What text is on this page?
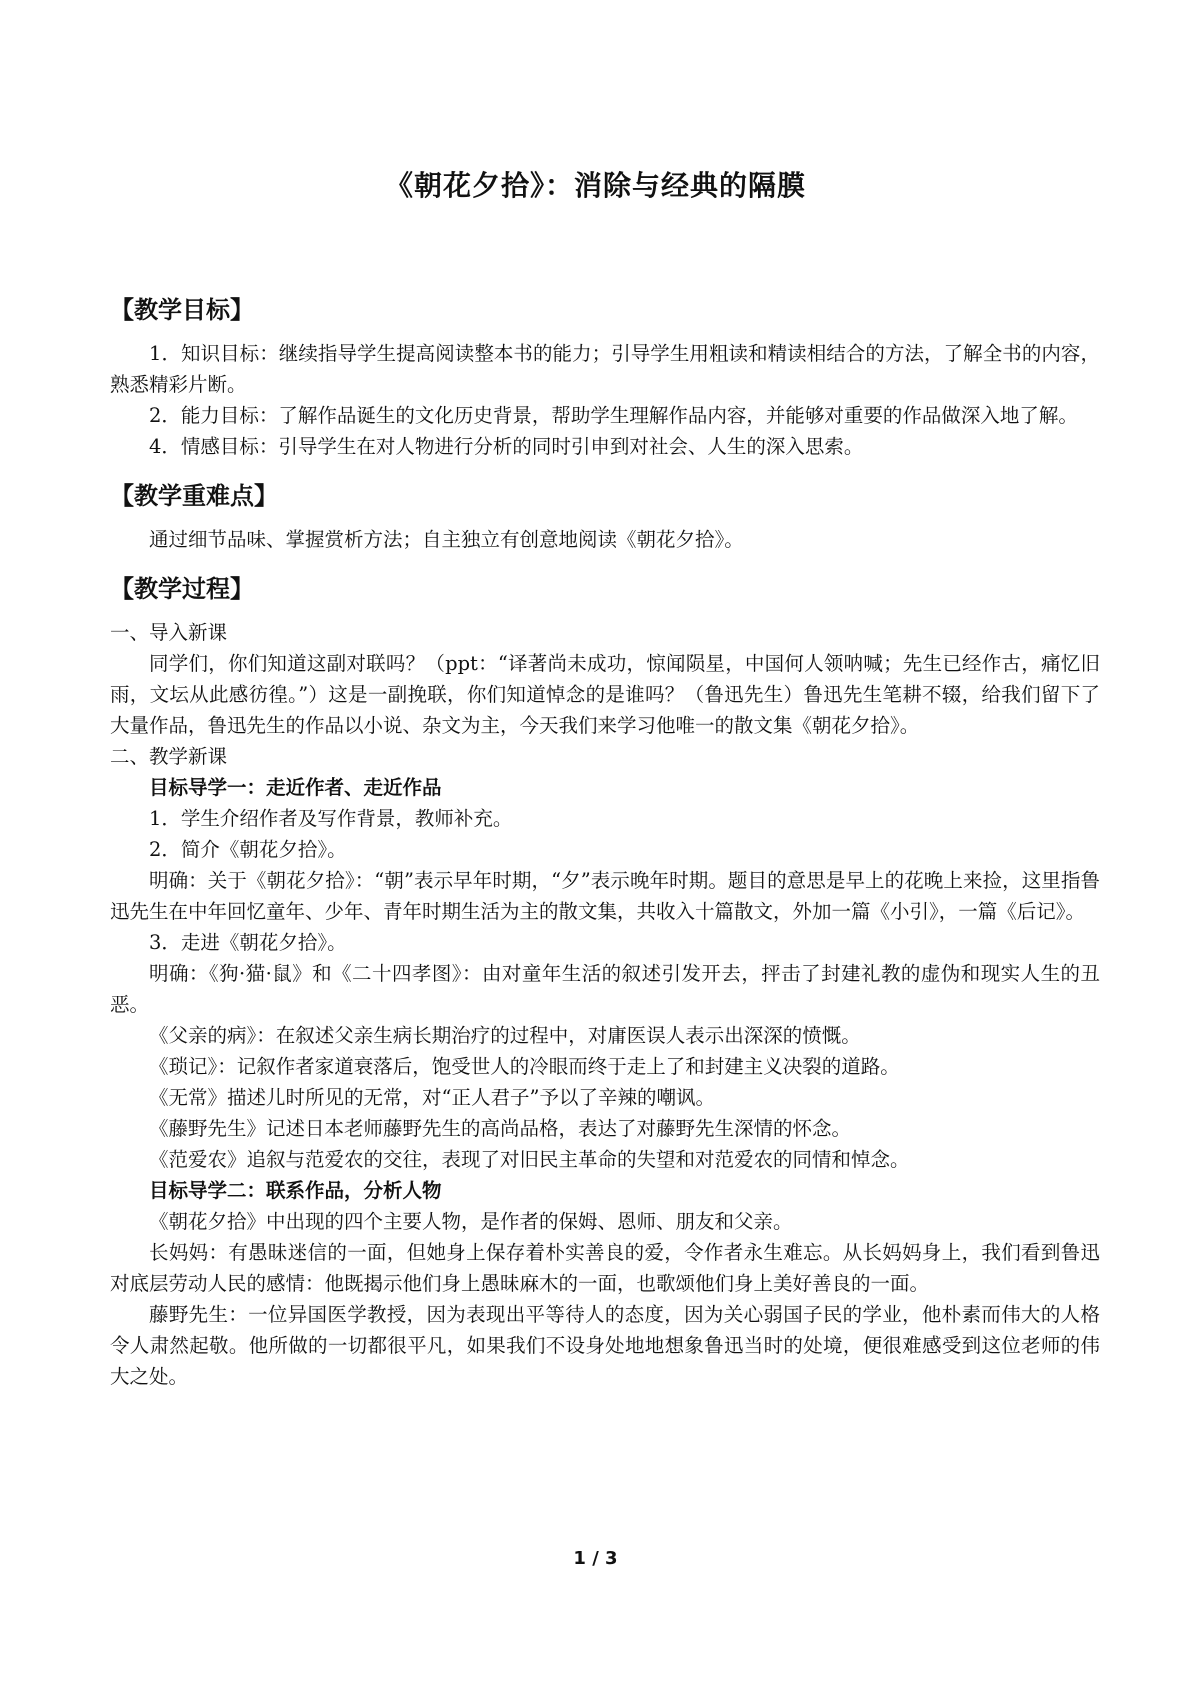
《朝花夕拾》：消除与经典的隔膜

【教学目标】

1．知识目标：继续指导学生提高阅读整本书的能力；引导学生用粗读和精读相结合的方法，了解全书的内容，熟悉精彩片断。

2．能力目标：了解作品诞生的文化历史背景，帮助学生理解作品内容，并能够对重要的作品做深入地了解。

4．情感目标：引导学生在对人物进行分析的同时引申到对社会、人生的深入思索。

【教学重难点】

通过细节品味、掌握赏析方法；自主独立有创意地阅读《朝花夕拾》。

【教学过程】

一、导入新课

同学们，你们知道这副对联吗？（ppt：“译著尚未成功，惊闻陨星，中国何人领呐喊；先生已经作古，痛忆旧雨，文坛从此感彷徨。”）这是一副挽联，你们知道悼念的是谁吗？（鲁迅先生）鲁迅先生笔耕不辍，给我们留下了大量作品，鲁迅先生的作品以小说、杂文为主，今天我们来学习他唯一的散文集《朝花夕拾》。

二、教学新课

目标导学一：走近作者、走近作品

1．学生介绍作者及写作背景，教师补充。

2．简介《朝花夕拾》。

明确：关于《朝花夕拾》：“朝”表示早年时期，“夕”表示晚年时期。题目的意思是早上的花晚上来捡，这里指鲁迅先生在中年回忆童年、少年、青年时期生活为主的散文集，共收入十篇散文，外加一篇《小引》，一篇《后记》。

3．走进《朝花夕拾》。

明确：《狗·猫·鼠》和《二十四孝图》：由对童年生活的叙述引发开去，抨击了封建礼教的虚伪和现实人生的丑恶。

《父亲的病》：在叙述父亲生病长期治疗的过程中，对庸医误人表示出深深的愤慨。

《琐记》：记叙作者家道衰落后，饱受世人的冷眼而终于走上了和封建主义决裂的道路。

《无常》描述儿时所见的无常，对“正人君子”予以了辛辣的嘲讽。

《藤野先生》记述日本老师藤野先生的高尚品格，表达了对藤野先生深情的怀念。

《范爱农》追叙与范爱农的交往，表现了对旧民主革命的失望和对范爱农的同情和悼念。

目标导学二：联系作品，分析人物

《朝花夕拾》中出现的四个主要人物，是作者的保姆、恩师、朋友和父亲。

长妈妈：有愚昧迷信的一面，但她身上保存着朴实善良的爱，令作者永生难忘。从长妈妈身上，我们看到鲁迅对底层劳动人民的感情：他既揭示他们身上愚昧麻木的一面，也歌颂他们身上美好善良的一面。

藤野先生：一位异国医学教授，因为表现出平等待人的态度，因为关心弱国子民的学业，他朴素而伟大的人格令人肃然起敬。他所做的一切都很平凡，如果我们不设身处地地想象鲁迅当时的处境，便很难感受到这位老师的伟大之处。

1 / 3
